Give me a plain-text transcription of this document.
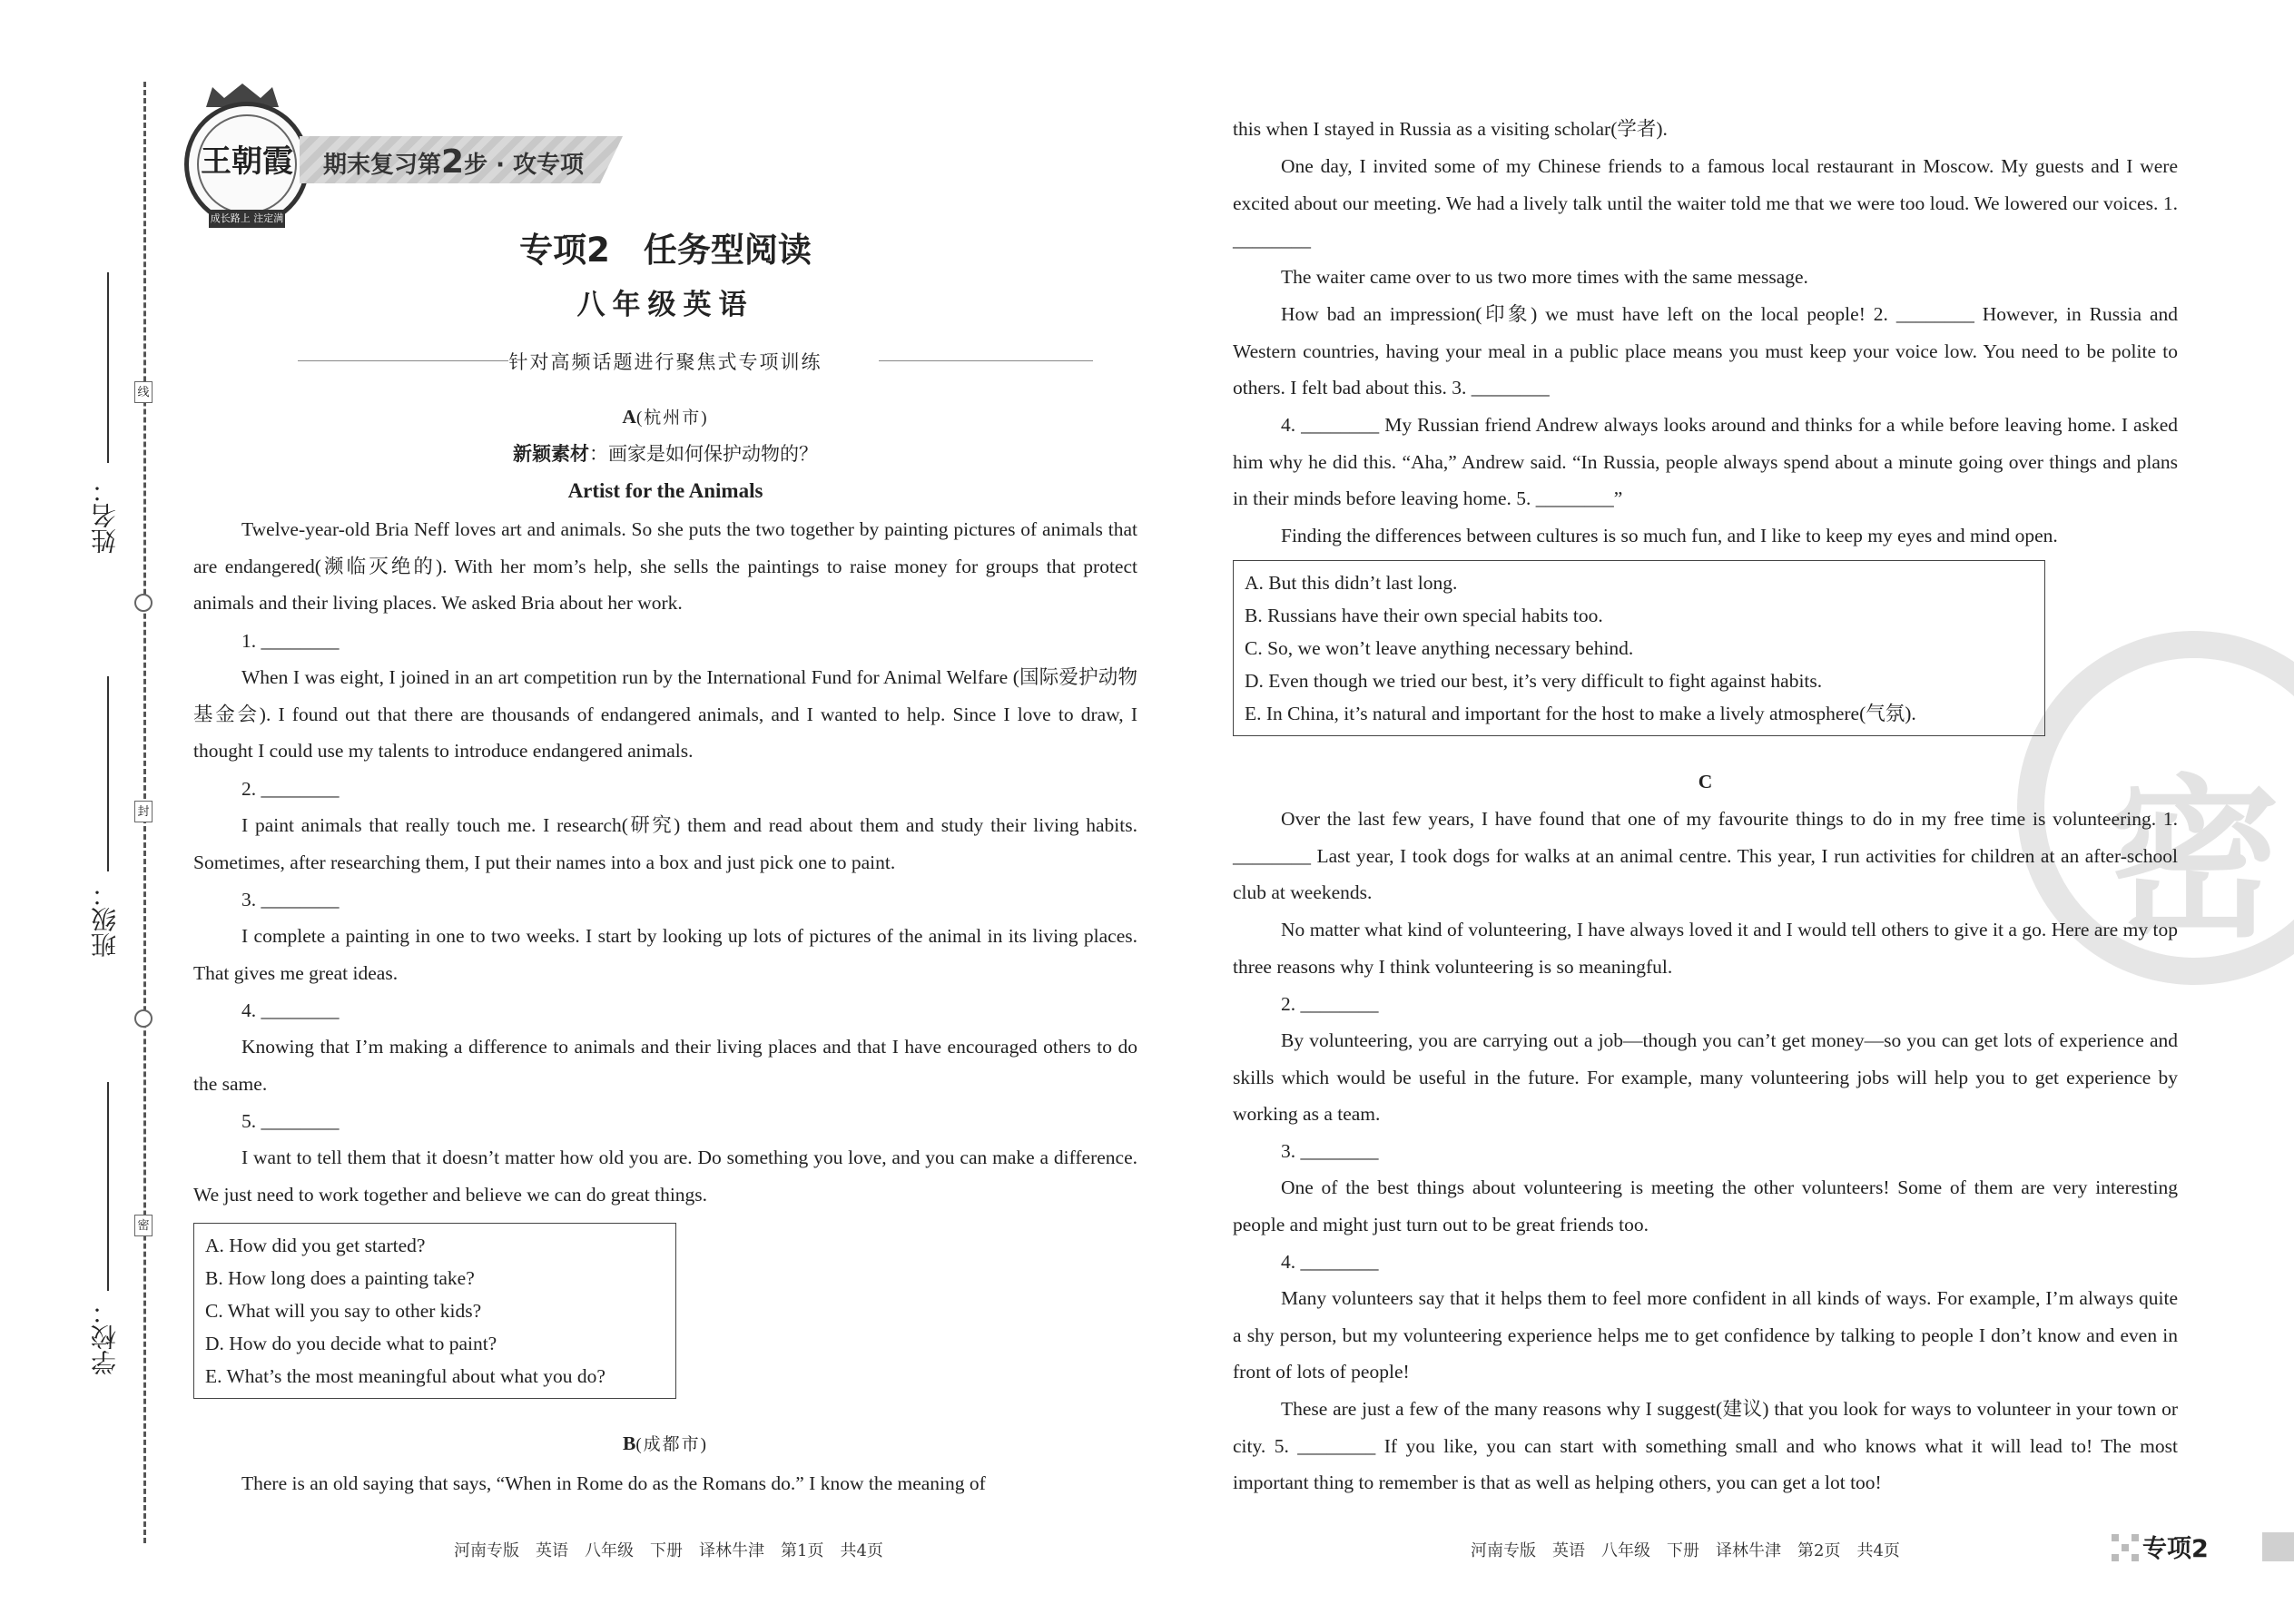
线
封
密
姓名：
班级：
学校：
王朝霞
成长路上 注定满天
期末复习第2步 · 攻专项
专项2　任务型阅读
八年级英语
针对高频话题进行聚焦式专项训练
A(杭州市)
新颖素材：画家是如何保护动物的？
Artist for the Animals

Twelve-year-old Bria Neff loves art and animals. So she puts the two together by painting pictures of animals that are endangered(濒临灭绝的). With her mom’s help, she sells the paintings to raise money for groups that protect animals and their living places. We asked Bria about her work.

1. ________

When I was eight, I joined in an art competition run by the International Fund for Animal Welfare (国际爱护动物基金会). I found out that there are thousands of endangered animals, and I wanted to help. Since I love to draw, I thought I could use my talents to introduce endangered animals.

2. ________

I paint animals that really touch me. I research(研究) them and read about them and study their living habits. Sometimes, after researching them, I put their names into a box and just pick one to paint.

3. ________

I complete a painting in one to two weeks. I start by looking up lots of pictures of the animal in its living places. That gives me great ideas.

4. ________

Knowing that I’m making a difference to animals and their living places and that I have encouraged others to do the same.

5. ________

I want to tell them that it doesn’t matter how old you are. Do something you love, and you can make a difference. We just need to work together and believe we can do great things.

A. How did you get started?
B. How long does a painting take?
C. What will you say to other kids?
D. How do you decide what to paint?
E. What’s the most meaningful about what you do?
B(成都市)

There is an old saying that says, “When in Rome do as the Romans do.” I know the meaning of

河南专版　英语　八年级　下册　译林牛津　第1页　共4页
密

this when I stayed in Russia as a visiting scholar(学者).

One day, I invited some of my Chinese friends to a famous local restaurant in Moscow. My guests and I were excited about our meeting. We had a lively talk until the waiter told me that we were too loud. We lowered our voices. 1. ________

The waiter came over to us two more times with the same message.

How bad an impression(印象) we must have left on the local people! 2. ________ However, in Russia and Western countries, having your meal in a public place means you must keep your voice low. You need to be polite to others. I felt bad about this. 3. ________

4. ________ My Russian friend Andrew always looks around and thinks for a while before leaving home. I asked him why he did this. “Aha,” Andrew said. “In Russia, people always spend about a minute going over things and plans in their minds before leaving home. 5. ________”

Finding the differences between cultures is so much fun, and I like to keep my eyes and mind open.

A. But this didn’t last long.
B. Russians have their own special habits too.
C. So, we won’t leave anything necessary behind.
D. Even though we tried our best, it’s very difficult to fight against habits.
E. In China, it’s natural and important for the host to make a lively atmosphere(气氛).
C

Over the last few years, I have found that one of my favourite things to do in my free time is volunteering. 1. ________ Last year, I took dogs for walks at an animal centre. This year, I run activities for children at an after-school club at weekends.

No matter what kind of volunteering, I have always loved it and I would tell others to give it a go. Here are my top three reasons why I think volunteering is so meaningful.

2. ________

By volunteering, you are carrying out a job—though you can’t get money—so you can get lots of experience and skills which would be useful in the future. For example, many volunteering jobs will help you to get experience by working as a team.

3. ________

One of the best things about volunteering is meeting the other volunteers! Some of them are very interesting people and might just turn out to be great friends too.

4. ________

Many volunteers say that it helps them to feel more confident in all kinds of ways. For example, I’m always quite a shy person, but my volunteering experience helps me to get confidence by talking to people I don’t know and even in front of lots of people!

These are just a few of the many reasons why I suggest(建议) that you look for ways to volunteer in your town or city. 5. ________ If you like, you can start with something small and who knows what it will lead to! The most important thing to remember is that as well as helping others, you can get a lot too!

河南专版　英语　八年级　下册　译林牛津　第2页　共4页	专项2
